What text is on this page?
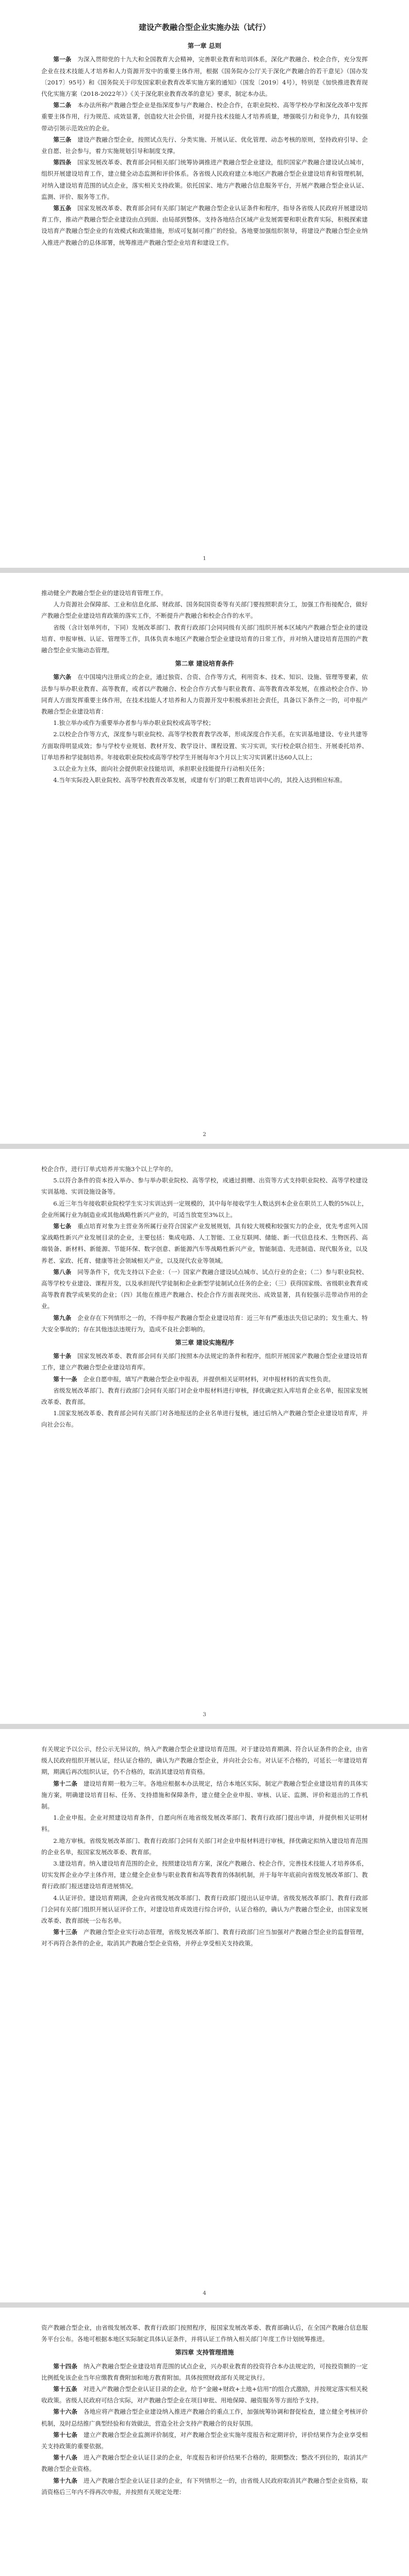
建设产教融合型企业实施办法（试行）
第一章 总则

第一条　 为深入贯彻党的十九大和全国教育大会精神，完善职业教育和培训体系，深化产教融合、校企合作，充分发挥企业在技术技能人才培养和人力资源开发中的重要主体作用，根据《国务院办公厅关于深化产教融合的若干意见》（国办发〔2017〕95号）和《国务院关于印发国家职业教育改革实施方案的通知》（国发〔2019〕4号），特别是《加快推进教育现代化实施方案（2018-2022年）》《关于深化职业教育改革的意见》要求，制定本办法。

第二条　 本办法所称产教融合型企业是指深度参与产教融合、校企合作，在职业院校、高等学校办学和深化改革中发挥重要主体作用，行为规范、成效显著，创造较大社会价值，对提升技术技能人才培养质量，增强吸引力和竞争力，具有较强带动引领示范效应的企业。

第三条　 建设产教融合型企业，按照试点先行、分类实施、开展认证、优化管理、动态考核的原则，坚持政府引导、企业自愿、社会参与，着力实施规划引导和制度支撑。

第四条　 国家发展改革委、教育部会同相关部门统筹协调推进产教融合型企业建设，组织国家产教融合建设试点城市，组织开展建设培育工作，建立健全动态监测和评价体系。各省级人民政府建立本地区产教融合型企业建设培育和管理机制，对纳入建设培育范围的试点企业，落实相关支持政策。依托国家、地方产教融合信息服务平台，开展产教融合型企业认证、监测、评价、服务等工作。

第五条　 国家发展改革委、教育部会同有关部门制定产教融合型企业认证条件和程序，指导各省级人民政府开展建设培育工作，推动产教融合型企业建设由点到面、由局部到整体。支持各地结合区域产业发展需要和职业教育实际，积极探索建设培育产教融合型企业的有效模式和政策措施，形成可复制可推广的经验。各地要加强组织领导，将建设产教融合型企业纳入推进产教融合的总体部署，统筹推进产教融合型企业培育和建设工作。

1

推动健全产教融合型企业的建设培育管理工作。

人力资源社会保障部、工业和信息化部、财政部、国务院国资委等有关部门要按照职责分工，加强工作衔接配合，做好产教融合型企业建设培育政策的落实工作，不断提升产教融合和校企合作的水平。

省级（含计划单列市，下同）发展改革部门、教育行政部门会同同级有关部门组织开展本区域内产教融合型企业的建设培育、申报审核、认证、管理等工作，具体负责本地区产教融合型企业建设培育的日常工作，并对纳入建设培育范围的产教融合型企业实施动态管理。

第二章 建设培育条件

第六条　 在中国境内注册成立的企业，通过独资、合资、合作等方式，利用资本、技术、知识、设施、管理等要素，依法参与举办职业教育、高等教育，或者以产教融合、校企合作方式参与职业教育、高等教育改革发展，在推动校企合作、协同育人方面发挥重要主体作用，在技术技能人才培养和人力资源开发中积极承担社会责任，具备以下条件之一的，可申报产教融合型企业建设培育：

1.独立举办或作为重要举办者参与举办职业院校或高等学校；

2.以校企合作等方式，深度参与职业院校、高等学校教育教学改革，形成深度合作关系，在实训基地建设、专业共建等方面取得明显成效；参与学校专业规划、教材开发、教学设计、课程设置、实习实训，实行校企联合招生、开展委托培养、订单培养和学徒制培养。年接收职业院校或高等学校学生开展每年3个月以上实习实训累计达60人以上；

3.以企业为主体，面向社会提供职业技能培训，承担职业技能提升行动相关任务；

4.当年实际投入职业院校、高等学校教育改革发展，或建有专门的职工教育培训中心的，其投入达到相应标准。

2

校企合作，进行订单式培养并实施3个以上学年的。

5.以符合条件的资本投入举办、参与举办职业院校、高等学校，或通过捐赠、出资等方式支持职业院校、高等学校建设实训基地、实训设施设备等。

6.近三年当年接收职业院校学生实习实训达到一定规模的，其中每年接收学生人数达到本企业在职员工人数的5%以上，企业所属行业为制造业或其他战略性新兴产业的，可适当放宽至3%以上。

第七条　 重点培育对象为主营业务所属行业符合国家产业发展规划，具有较大规模和较强实力的企业，优先考虑列入国家战略性新兴产业发展目录的企业，主要包括：集成电路、人工智能、工业互联网、储能、新一代信息技术、生物医药、高端装备、新材料、新能源、节能环保、数字创意、新能源汽车等战略性新兴产业，智能制造、先进制造、现代服务业，以及养老、家政、托育、健康等社会领域相关产业，以及现代农业等领域。

第八条　 同等条件下，优先支持以下企业：（一）国家产教融合建设试点城市、试点行业的企业；（二）参与职业院校、高等学校专业建设、课程开发，以及承担现代学徒制和企业新型学徒制试点任务的企业；（三）获得国家级、省级职业教育或高等教育教学成果奖的企业；（四）其他在推进产教融合、校企合作方面表现突出、成效显著，具有较强示范带动作用的企业。

第九条　 企业存在下列情形之一的，不得申报产教融合型企业建设培育：近三年有严重违法失信记录的；发生重大、特大安全事故的；存在其他违法违规行为，造成不良社会影响的。

第三章 建设实施程序

第十条　 国家发展改革委、教育部会同有关部门按照本办法规定的条件和程序，组织开展国家产教融合型企业建设培育工作，建立产教融合型企业建设培育库。

第十一条　 企业自愿申报，填写产教融合型企业申报表，并提供相关证明材料，对申报材料的真实性负责。

省级发展改革部门、教育行政部门会同有关部门对企业申报材料进行审核，择优确定拟入库培育企业名单，报国家发展改革委、教育部。

1.国家发展改革委、教育部会同有关部门对各地报送的企业名单进行复核，通过后纳入产教融合型企业建设培育库，并向社会公布。

3

有关规定予以公示，经公示无异议的，纳入产教融合型企业建设培育范围。对于建设培育期满、符合认证条件的企业，由省级人民政府组织开展认证，经认证合格的，确认为产教融合型企业，并向社会公布。对认证不合格的，可延长一年建设培育期，期满后再次组织认证，仍不合格的，取消其建设培育资格。

第十二条　 建设培育期一般为三年。各地应根据本办法规定，结合本地区实际，制定产教融合型企业建设培育的具体实施方案，明确建设培育目标、任务、支持措施和保障条件，建立健全企业申报、审核、认证、监测、评价和退出的工作机制。

1.企业申报。企业对照建设培育条件，自愿向所在地省级发展改革部门、教育行政部门提出申请，并提供相关证明材料。

2.地方审核。省级发展改革部门、教育行政部门会同有关部门对企业申报材料进行审核，择优确定拟纳入建设培育范围的企业名单，报国家发展改革委、教育部。

3.建设培育。纳入建设培育范围的企业，按照建设培育方案，深化产教融合、校企合作，完善技术技能人才培养体系，切实发挥企业办学主体作用，建立健全企业参与职业教育和高等教育的体制机制，并于每年年底前向省级发展改革部门、教育行政部门报送建设培育进展情况。

4.认证评价。建设培育期满，企业向省级发展改革部门、教育行政部门提出认证申请。省级发展改革部门、教育行政部门会同有关部门组织开展认证评价工作，对建设培育成效进行综合评价，认证合格的，确认为产教融合型企业，由国家发展改革委、教育部统一公布名单。

第十三条　 产教融合型企业实行动态管理，省级发展改革部门、教育行政部门应当加强对产教融合型企业的监督管理，对不再符合条件的企业，取消其产教融合型企业资格，并停止享受相关支持政策。

4

资产教融合型企业，由省级发展改革、教育行政部门按照程序，报国家发展改革委、教育部确认后，在全国产教融合信息服务平台公布。各地可根据本地区实际制定具体认证条件，并将认证工作纳入相关部门年度工作计划统筹推进。

第四章 支持管理措施

第十四条　 纳入产教融合型企业建设培育范围的试点企业，兴办职业教育的投资符合本办法规定的，可按投资额的一定比例抵免该企业当年应缴教育费附加和地方教育附加。具体按照财政部有关规定执行。

第十五条　 对进入产教融合型企业认证目录的企业，给予“金融+财政+土地+信用”的组合式激励，并按规定落实相关税收政策。省级人民政府可结合实际，对产教融合型企业在项目审批、用地保障、融资服务等方面给予支持。

第十六条　 各地应将产教融合型企业建设纳入推进产教融合的重点工作，加强统筹协调和督促检查，建立健全考核评价机制，及时总结推广典型经验和有效做法，营造全社会支持产教融合的良好氛围。

第十七条　 建立产教融合型企业监测评价制度，对产教融合型企业实施年度报告和定期评价，评价结果作为企业享受相关支持政策的重要依据。

第十八条　 进入产教融合型企业认证目录的企业，年度报告和评价结果不合格的，限期整改；整改不到位的，取消其产教融合型企业资格。

第十九条　 进入产教融合型企业认证目录的企业，有下列情形之一的，由省级人民政府取消其产教融合型企业资格，取消资格后三年内不得再次申报，并按照有关规定处理：
